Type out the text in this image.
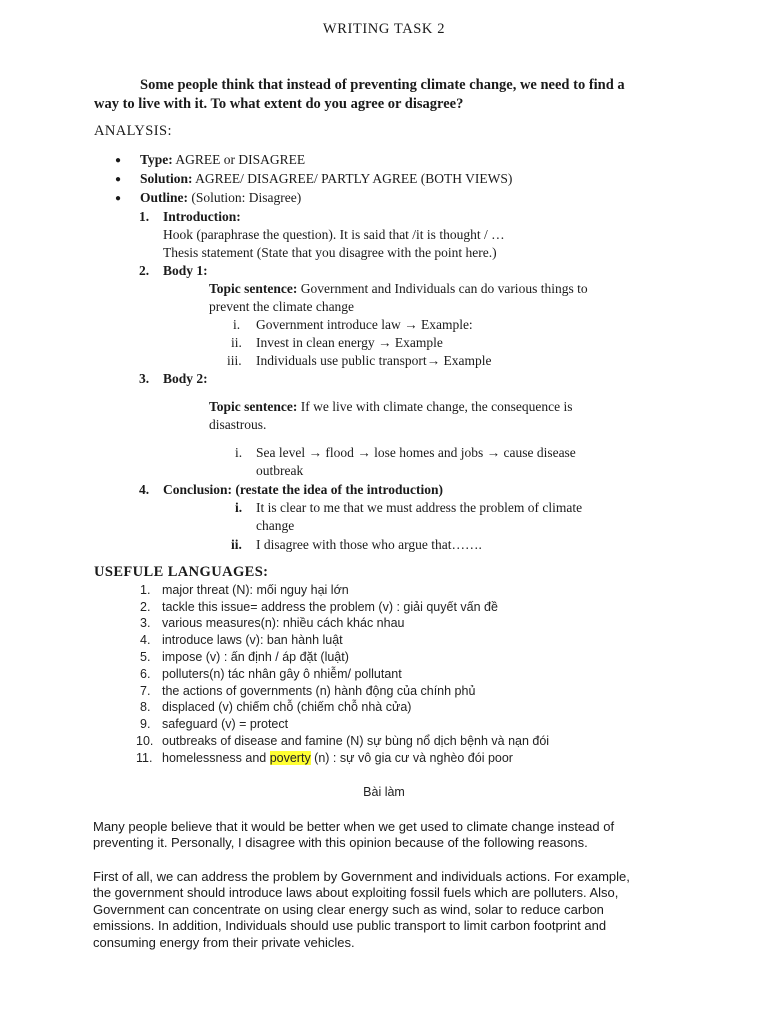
WRITING TASK 2
Some people think that instead of preventing climate change, we need to find a
way to live with it. To what extent do you agree or disagree?
ANALYSIS:
● Type: AGREE or DISAGREE
● Solution: AGREE/ DISAGREE/ PARTLY AGREE (BOTH VIEWS)
● Outline: (Solution: Disagree)
1. Introduction:
Hook (paraphrase the question). It is said that /it is thought / …
Thesis statement (State that you disagree with the point here.)
2. Body 1:
Topic sentence: Government and Individuals can do various things to
prevent the climate change
i. Government introduce law → Example:
ii. Invest in clean energy → Example
iii. Individuals use public transport→ Example
3. Body 2:
Topic sentence: If we live with climate change, the consequence is
disastrous.
i. Sea level → flood → lose homes and jobs → cause disease
outbreak
4. Conclusion: (restate the idea of the introduction)
i. It is clear to me that we must address the problem of climate
change
ii. I disagree with those who argue that…….
USEFULE LANGUAGES:
1. major threat (N): mối nguy hại lớn
2. tackle this issue= address the problem (v) : giải quyết vấn đề
3. various measures(n): nhiều cách khác nhau
4. introduce laws (v): ban hành luật
5. impose (v) : ấn định / áp đặt (luật)
6. polluters(n) tác nhân gây ô nhiễm/ pollutant
7. the actions of governments (n) hành động của chính phủ
8. displaced (v) chiếm chỗ (chiếm chỗ nhà cửa)
9. safeguard (v) = protect
10. outbreaks of disease and famine (N) sự bùng nổ dịch bệnh và nạn đói
11. homelessness and poverty (n) : sự vô gia cư và nghèo đói poor
Bài làm
Many people believe that it would be better when we get used to climate change instead of
preventing it. Personally, I disagree with this opinion because of the following reasons.
First of all, we can address the problem by Government and individuals actions. For example,
the government should introduce laws about exploiting fossil fuels which are polluters. Also,
Government can concentrate on using clear energy such as wind, solar to reduce carbon
emissions. In addition, Individuals should use public transport to limit carbon footprint and
consuming energy from their private vehicles.
